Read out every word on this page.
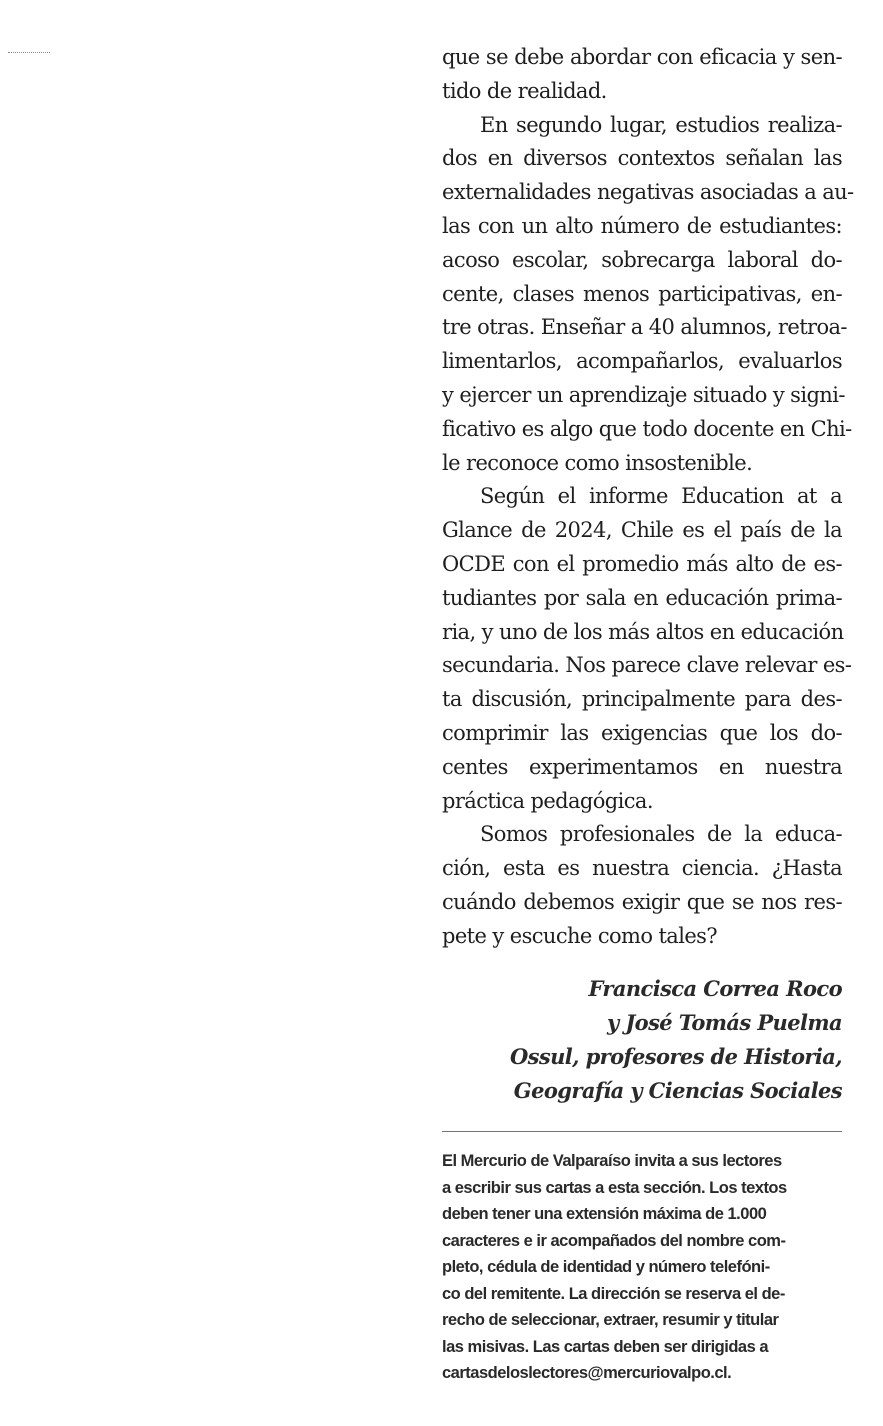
que se debe abordar con eficacia y sen-
tido de realidad.
En segundo lugar, estudios realiza-
dos en diversos contextos señalan las
externalidades negativas asociadas a au-
las con un alto número de estudiantes:
acoso escolar, sobrecarga laboral do-
cente, clases menos participativas, en-
tre otras. Enseñar a 40 alumnos, retroa-
limentarlos, acompañarlos, evaluarlos
y ejercer un aprendizaje situado y signi-
ficativo es algo que todo docente en Chi-
le reconoce como insostenible.
Según el informe Education at a
Glance de 2024, Chile es el país de la
OCDE con el promedio más alto de es-
tudiantes por sala en educación prima-
ria, y uno de los más altos en educación
secundaria. Nos parece clave relevar es-
ta discusión, principalmente para des-
comprimir las exigencias que los do-
centes experimentamos en nuestra
práctica pedagógica.
Somos profesionales de la educa-
ción, esta es nuestra ciencia. ¿Hasta
cuándo debemos exigir que se nos res-
pete y escuche como tales?
Francisca Correa Roco
y José Tomás Puelma
Ossul, profesores de Historia,
Geografía y Ciencias Sociales
El Mercurio de Valparaíso invita a sus lectores
a escribir sus cartas a esta sección. Los textos
deben tener una extensión máxima de 1.000
caracteres e ir acompañados del nombre com-
pleto, cédula de identidad y número telefóni-
co del remitente. La dirección se reserva el de-
recho de seleccionar, extraer, resumir y titular
las misivas. Las cartas deben ser dirigidas a
cartasdeloslectores@mercuriovalpo.cl.
